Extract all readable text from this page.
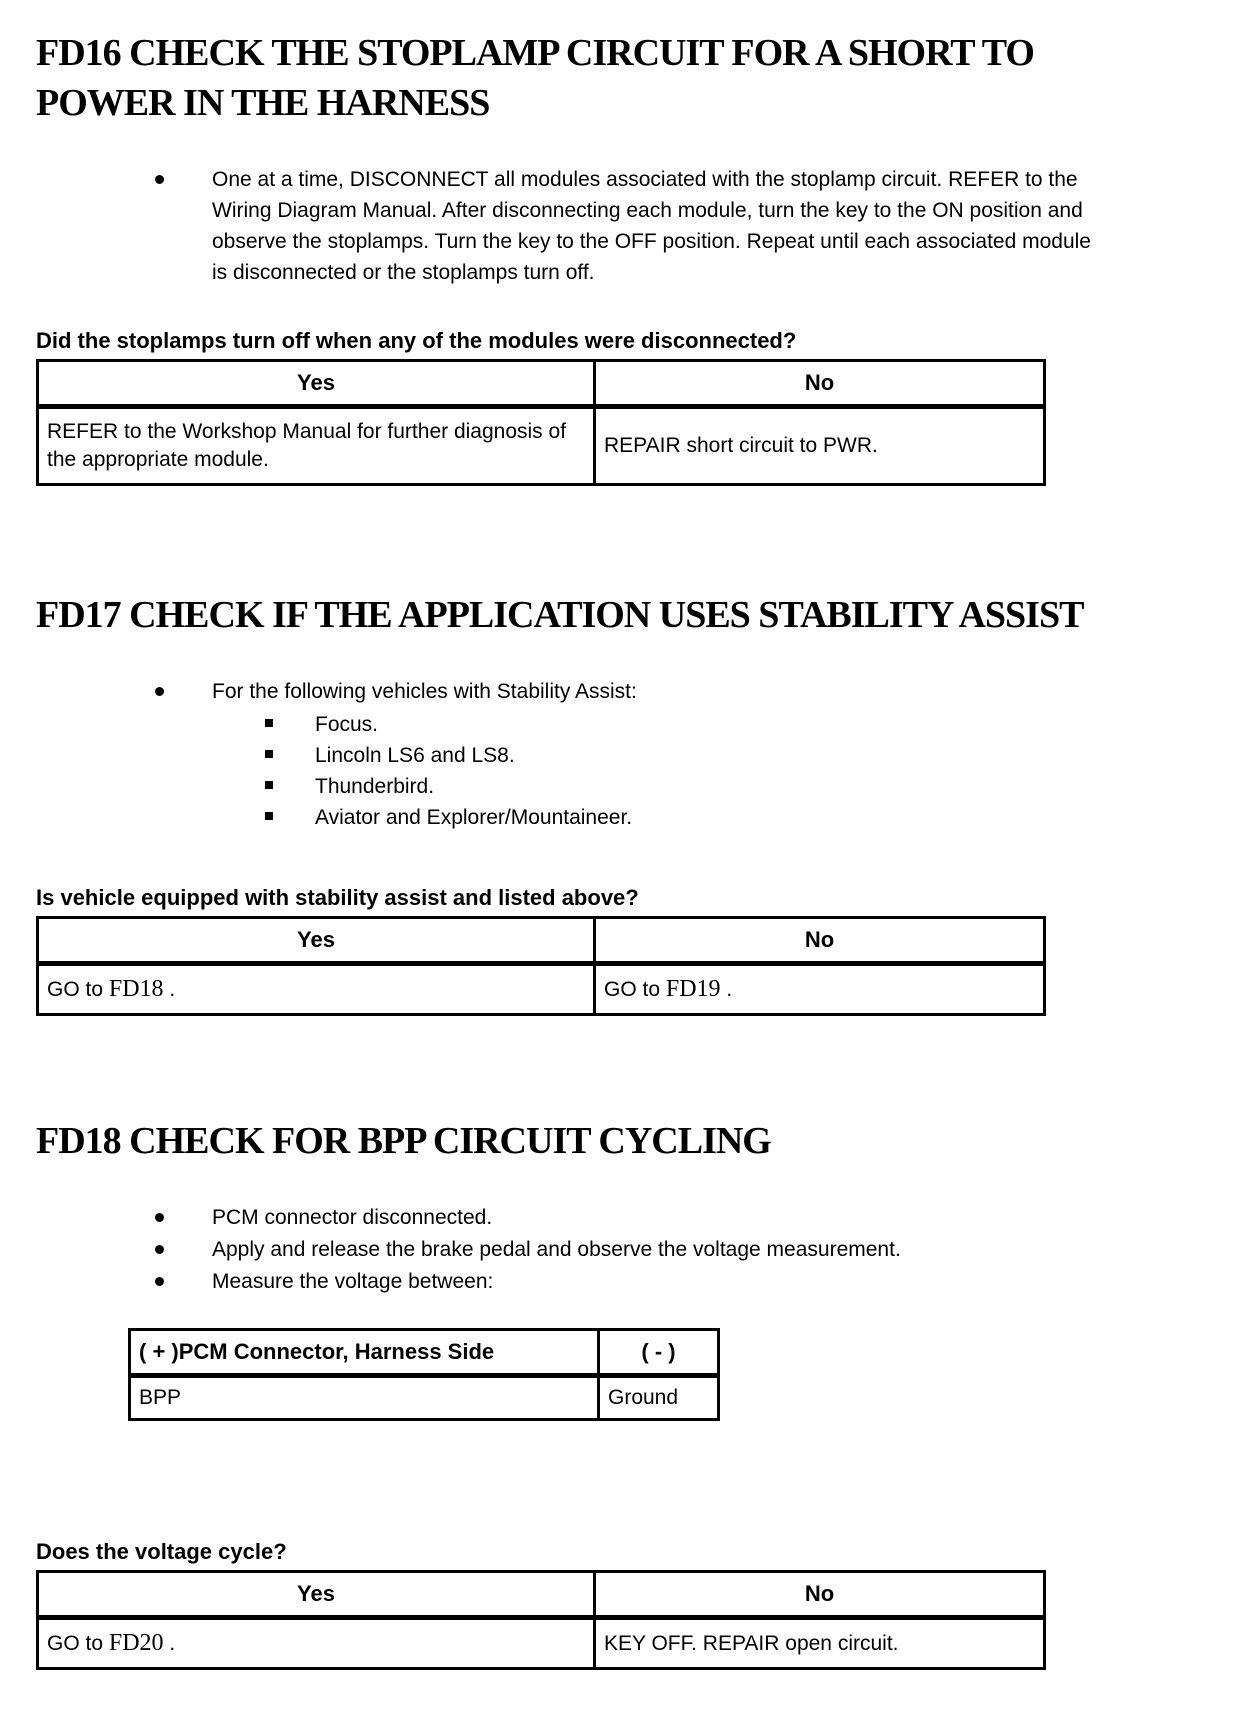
FD16 CHECK THE STOPLAMP CIRCUIT FOR A SHORT TO POWER IN THE HARNESS

One at a time, DISCONNECT all modules associated with the stoplamp circuit. REFER to the Wiring Diagram Manual. After disconnecting each module, turn the key to the ON position and observe the stoplamps. Turn the key to the OFF position. Repeat until each associated module is disconnected or the stoplamps turn off.

Did the stoplamps turn off when any of the modules were disconnected?

Yes	No
REFER to the Workshop Manual for further diagnosis of the appropriate module.	REPAIR short circuit to PWR.
FD17 CHECK IF THE APPLICATION USES STABILITY ASSIST

For the following vehicles with Stability Assist:

Focus.

Lincoln LS6 and LS8.

Thunderbird.

Aviator and Explorer/Mountaineer.

Is vehicle equipped with stability assist and listed above?

Yes	No
GO to FD18 .	GO to FD19 .
FD18 CHECK FOR BPP CIRCUIT CYCLING

PCM connector disconnected.

Apply and release the brake pedal and observe the voltage measurement.

Measure the voltage between:

( + )PCM Connector, Harness Side	( - )
BPP	Ground

Does the voltage cycle?

Yes	No
GO to FD20 .	KEY OFF. REPAIR open circuit.
